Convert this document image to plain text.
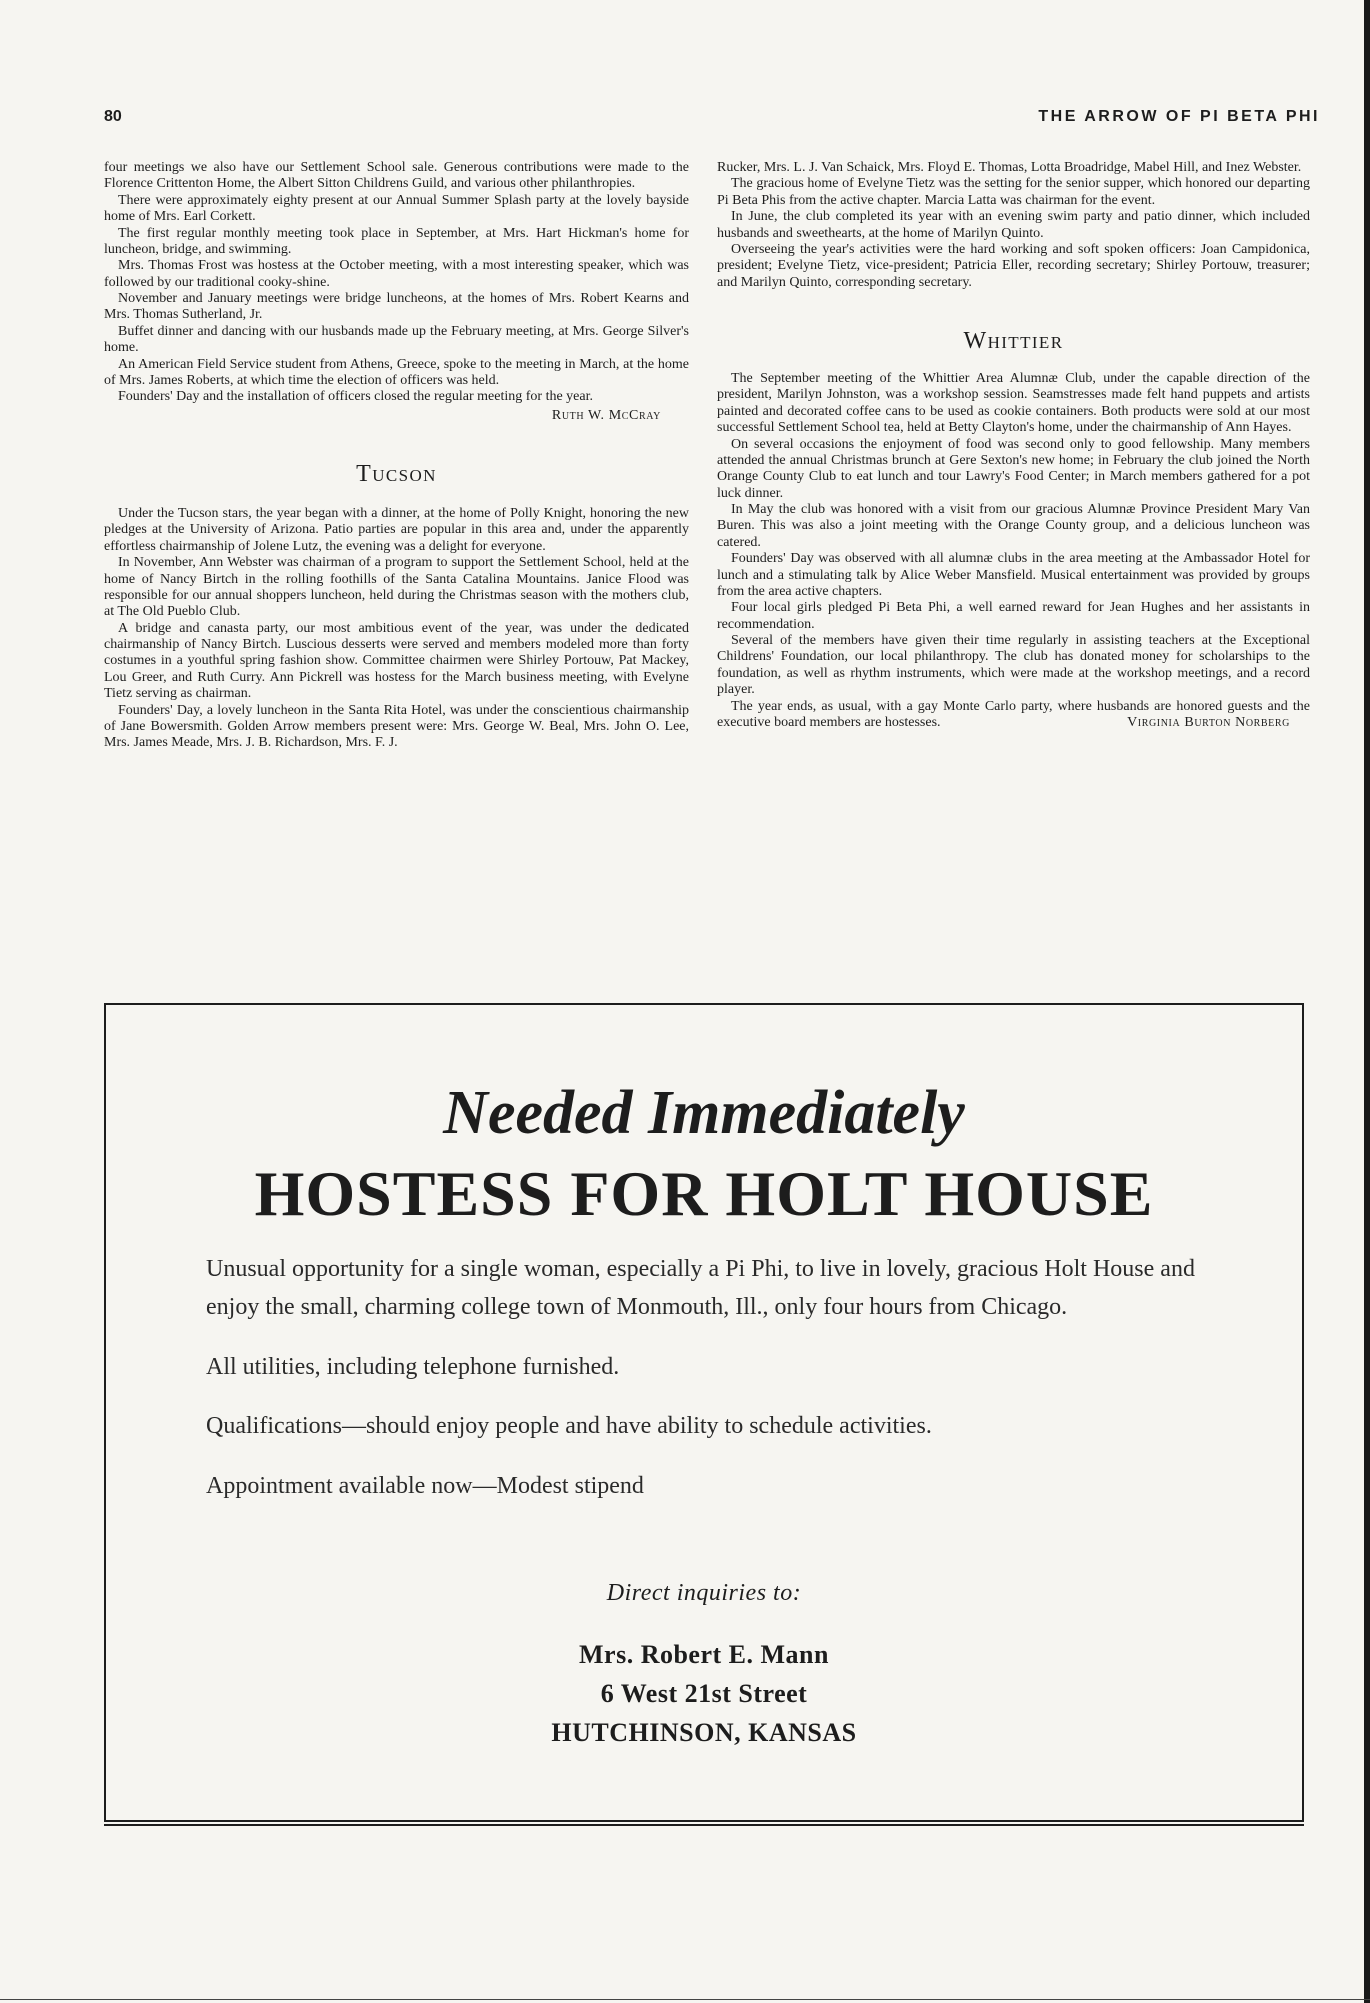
80	THE ARROW OF PI BETA PHI

four meetings we also have our Settlement School sale. Generous contributions were made to the Florence Crittenton Home, the Albert Sitton Childrens Guild, and various other philanthropies.

There were approximately eighty present at our Annual Summer Splash party at the lovely bayside home of Mrs. Earl Corkett.

The first regular monthly meeting took place in September, at Mrs. Hart Hickman's home for luncheon, bridge, and swimming.

Mrs. Thomas Frost was hostess at the October meeting, with a most interesting speaker, which was followed by our traditional cooky-shine.

November and January meetings were bridge luncheons, at the homes of Mrs. Robert Kearns and Mrs. Thomas Sutherland, Jr.

Buffet dinner and dancing with our husbands made up the February meeting, at Mrs. George Silver's home.

An American Field Service student from Athens, Greece, spoke to the meeting in March, at the home of Mrs. James Roberts, at which time the election of officers was held.

Founders' Day and the installation of officers closed the regular meeting for the year.

Ruth W. McCray
Tucson

Under the Tucson stars, the year began with a dinner, at the home of Polly Knight, honoring the new pledges at the University of Arizona. Patio parties are popular in this area and, under the apparently effortless chairmanship of Jolene Lutz, the evening was a delight for everyone.

In November, Ann Webster was chairman of a program to support the Settlement School, held at the home of Nancy Birtch in the rolling foothills of the Santa Catalina Mountains. Janice Flood was responsible for our annual shoppers luncheon, held during the Christmas season with the mothers club, at The Old Pueblo Club.

A bridge and canasta party, our most ambitious event of the year, was under the dedicated chairmanship of Nancy Birtch. Luscious desserts were served and members modeled more than forty costumes in a youthful spring fashion show. Committee chairmen were Shirley Portouw, Pat Mackey, Lou Greer, and Ruth Curry. Ann Pickrell was hostess for the March business meeting, with Evelyne Tietz serving as chairman.

Founders' Day, a lovely luncheon in the Santa Rita Hotel, was under the conscientious chairmanship of Jane Bowersmith. Golden Arrow members present were: Mrs. George W. Beal, Mrs. John O. Lee, Mrs. James Meade, Mrs. J. B. Richardson, Mrs. F. J.

Rucker, Mrs. L. J. Van Schaick, Mrs. Floyd E. Thomas, Lotta Broadridge, Mabel Hill, and Inez Webster.

The gracious home of Evelyne Tietz was the setting for the senior supper, which honored our departing Pi Beta Phis from the active chapter. Marcia Latta was chairman for the event.

In June, the club completed its year with an evening swim party and patio dinner, which included husbands and sweethearts, at the home of Marilyn Quinto.

Overseeing the year's activities were the hard working and soft spoken officers: Joan Campidonica, president; Evelyne Tietz, vice-president; Patricia Eller, recording secretary; Shirley Portouw, treasurer; and Marilyn Quinto, corresponding secretary.

Whittier

The September meeting of the Whittier Area Alumnæ Club, under the capable direction of the president, Marilyn Johnston, was a workshop session. Seamstresses made felt hand puppets and artists painted and decorated coffee cans to be used as cookie containers. Both products were sold at our most successful Settlement School tea, held at Betty Clayton's home, under the chairmanship of Ann Hayes.

On several occasions the enjoyment of food was second only to good fellowship. Many members attended the annual Christmas brunch at Gere Sexton's new home; in February the club joined the North Orange County Club to eat lunch and tour Lawry's Food Center; in March members gathered for a pot luck dinner.

In May the club was honored with a visit from our gracious Alumnæ Province President Mary Van Buren. This was also a joint meeting with the Orange County group, and a delicious luncheon was catered.

Founders' Day was observed with all alumnæ clubs in the area meeting at the Ambassador Hotel for lunch and a stimulating talk by Alice Weber Mansfield. Musical entertainment was provided by groups from the area active chapters.

Four local girls pledged Pi Beta Phi, a well earned reward for Jean Hughes and her assistants in recommendation.

Several of the members have given their time regularly in assisting teachers at the Exceptional Childrens' Foundation, our local philanthropy. The club has donated money for scholarships to the foundation, as well as rhythm instruments, which were made at the workshop meetings, and a record player.

The year ends, as usual, with a gay Monte Carlo party, where husbands are honored guests and the executive board members are hostesses.	Virginia Burton Norberg

Needed Immediately
HOSTESS FOR HOLT HOUSE

Unusual opportunity for a single woman, especially a Pi Phi, to live in lovely, gracious Holt House and enjoy the small, charming college town of Monmouth, Ill., only four hours from Chicago.

All utilities, including telephone furnished.

Qualifications—should enjoy people and have ability to schedule activities.

Appointment available now—Modest stipend

Direct inquiries to:
Mrs. Robert E. Mann
6 West 21st Street
HUTCHINSON, KANSAS
